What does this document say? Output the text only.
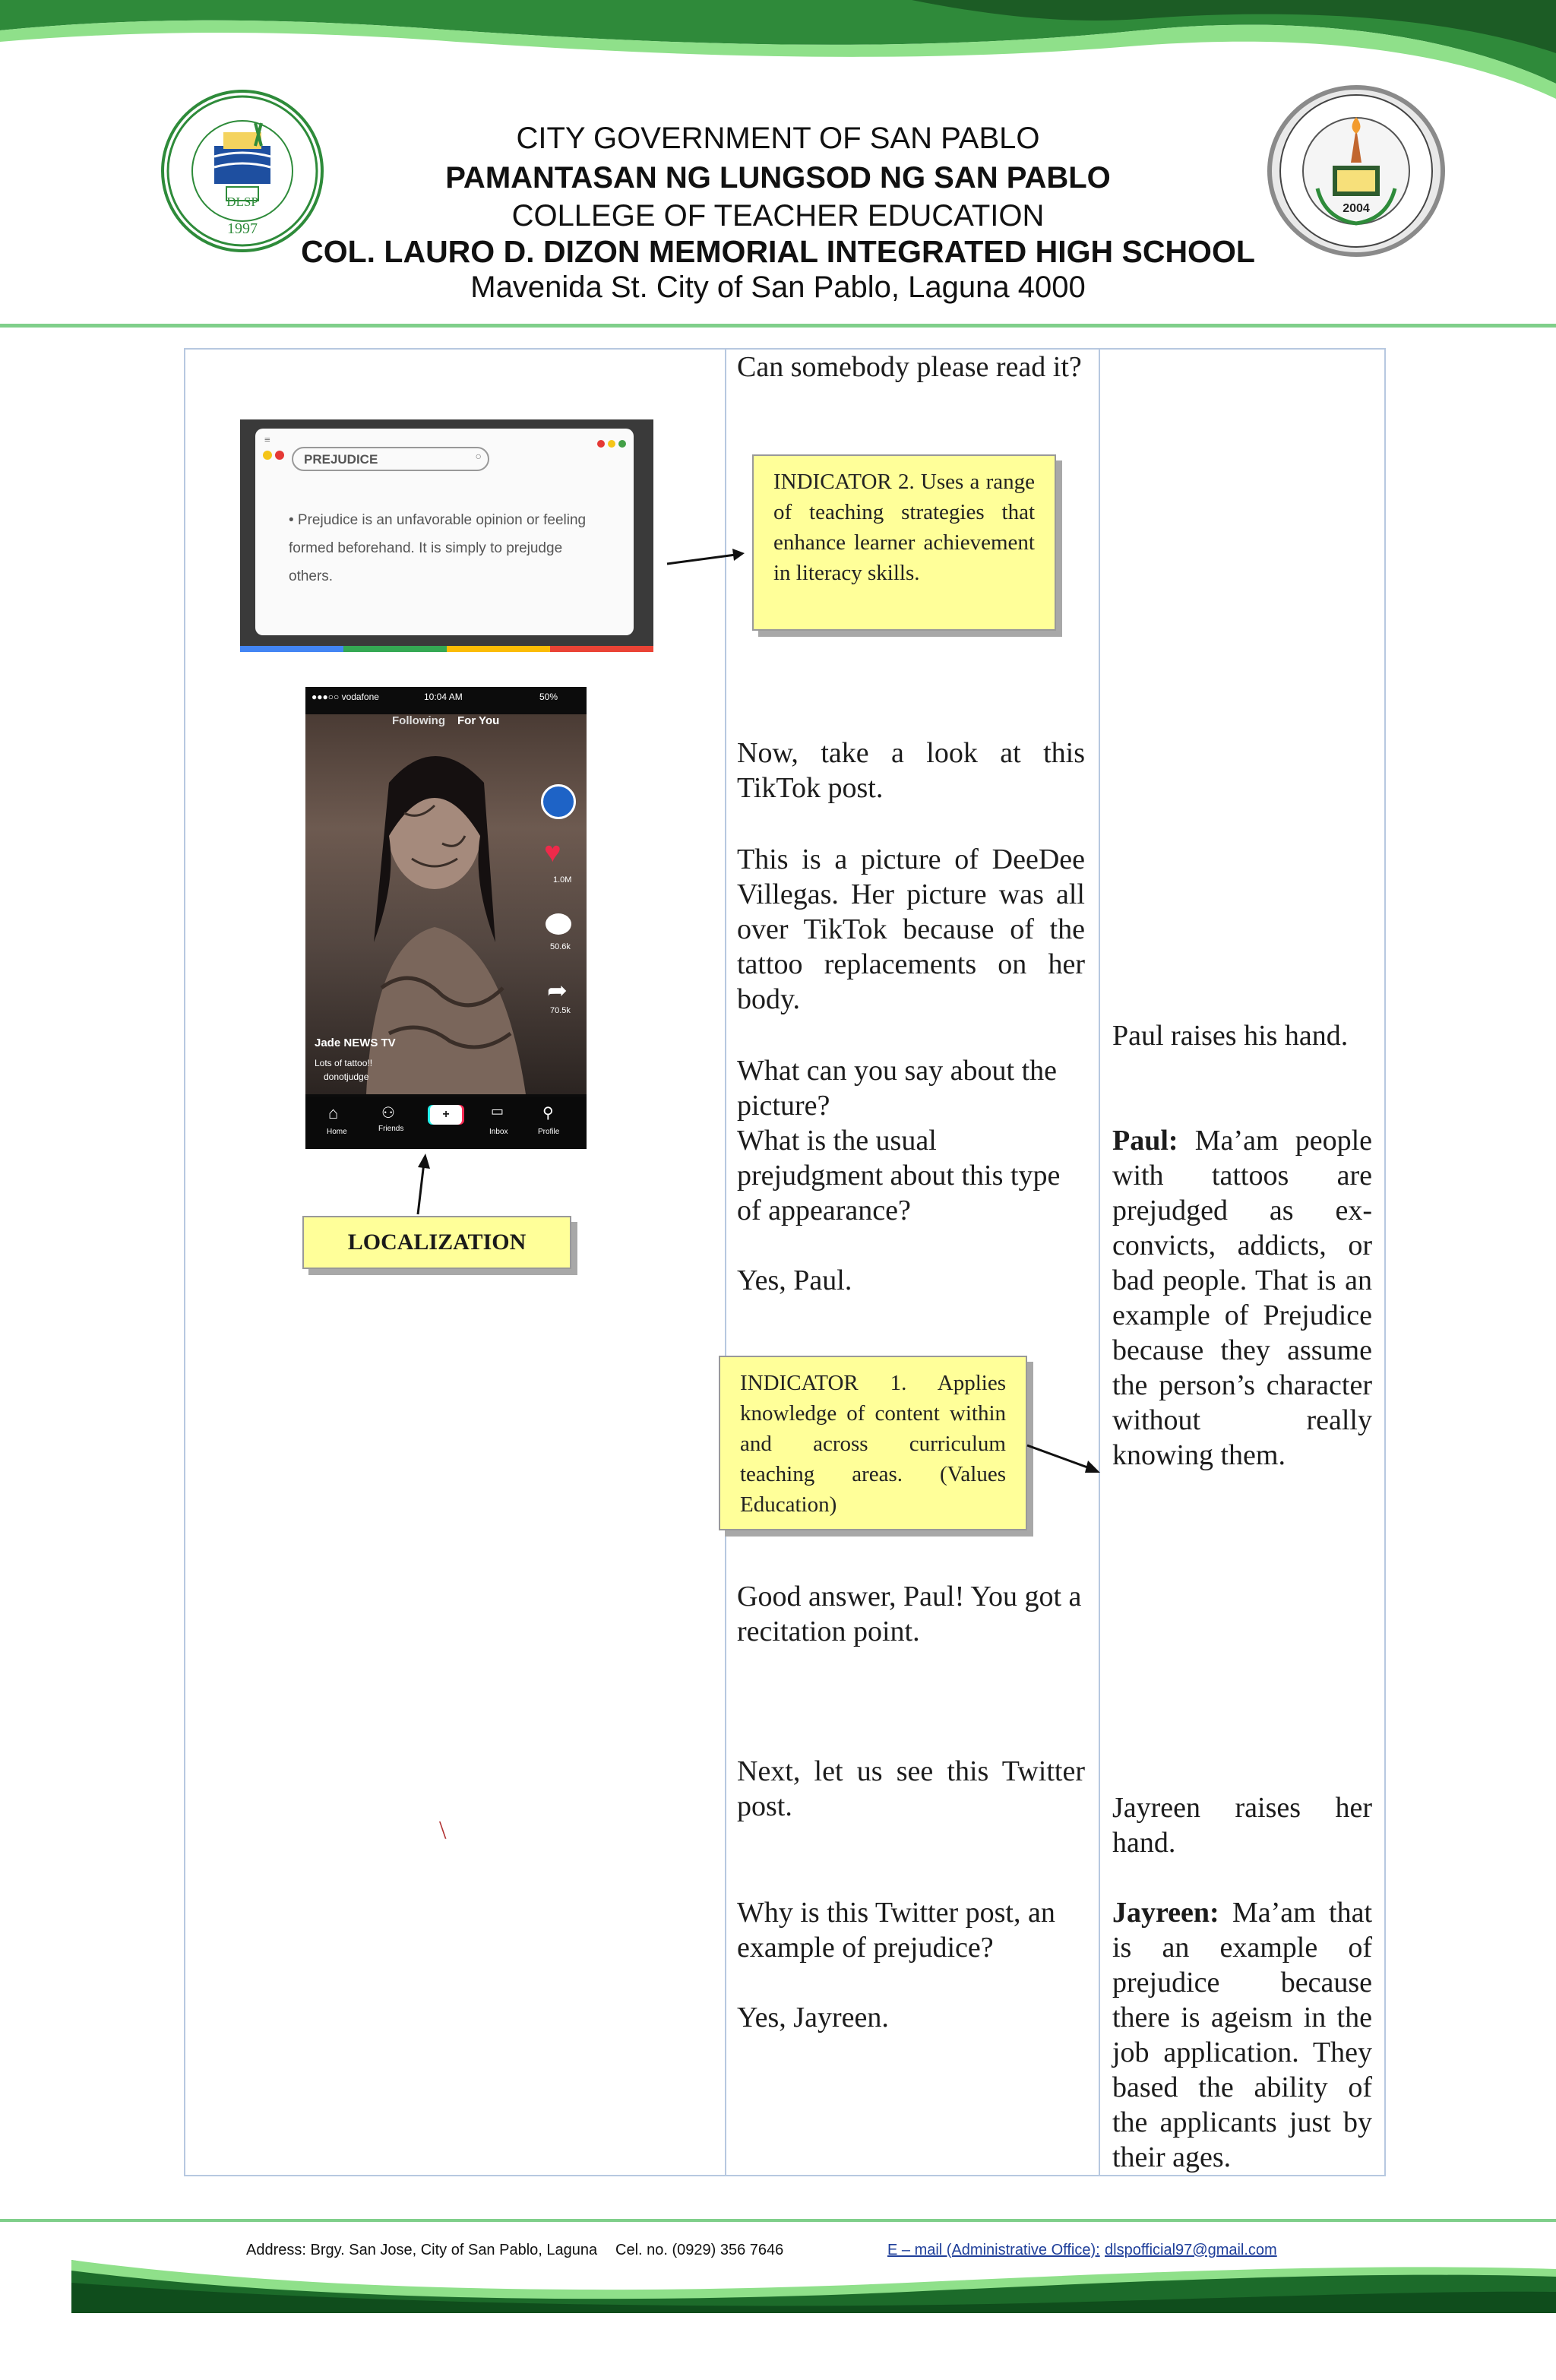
DLSP
1997
2004
CITY GOVERNMENT OF SAN PABLO
PAMANTASAN NG LUNGSOD NG SAN PABLO
COLLEGE OF TEACHER EDUCATION
COL. LAURO D. DIZON MEMORIAL INTEGRATED HIGH SCHOOL
Mavenida St. City of San Pablo, Laguna 4000
≡

PREJUDICE	○
• Prejudice is an unfavorable opinion or feeling formed beforehand. It is simply to prejudge others.
INDICATOR 2. Uses a range of teaching strategies that enhance learner achievement in literacy skills.
●●●○○ vodafone	10:04 AM	50%
Following For You
♥
1.0M
50.6k
➦
70.5k
Jade NEWS TV
Lots of tattoo!!
donotjudge
⌂
Home
⚇
Friends
+	▭
Inbox
⚲
Profile
LOCALIZATION
INDICATOR 1. Applies knowledge of content within and across curriculum teaching areas. (Values Education)
\
Can somebody please read it?
Now, take a look at this TikTok post.
This is a picture of DeeDee Villegas. Her picture was all over TikTok because of the tattoo replacements on her body.
What can you say about the picture?
What is the usual prejudgment about this type of appearance?
Yes, Paul.
Good answer, Paul! You got a recitation point.
Next, let us see this Twitter post.
Why is this Twitter post, an example of prejudice?
Yes, Jayreen.
Paul raises his hand.
Paul: Ma’am people with tattoos are prejudged as ex-convicts, addicts, or bad people. That is an example of Prejudice because they assume the person’s character without really knowing them.
Jayreen raises her hand.
Jayreen: Ma’am that is an example of prejudice because there is ageism in the job application. They based the ability of the applicants just by their ages.
Address: Brgy. San Jose, City of San Pablo, Laguna Cel. no. (0929) 356 7646	E – mail (Administrative Office): dlspofficial97@gmail.com
